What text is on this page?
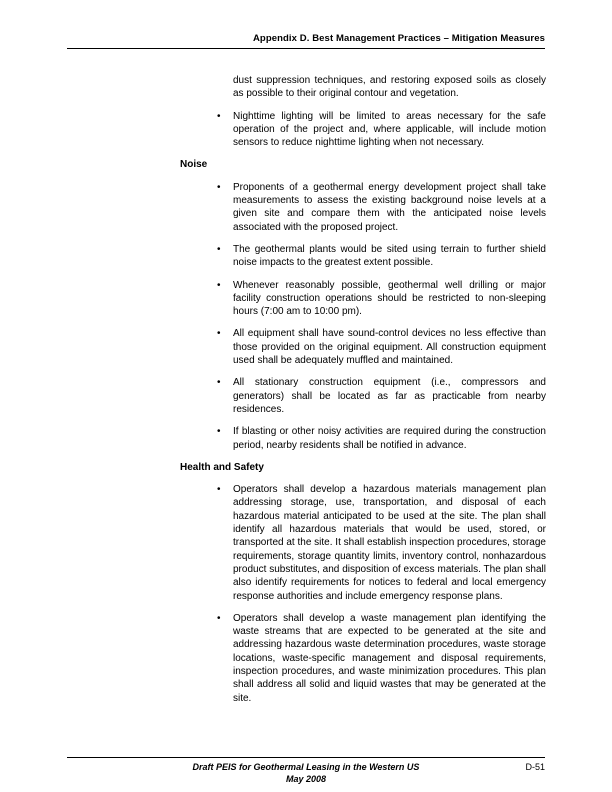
Appendix D. Best Management Practices – Mitigation Measures

dust suppression techniques, and restoring exposed soils as closely as possible to their original contour and vegetation.

•	Nighttime lighting will be limited to areas necessary for the safe operation of the project and, where applicable, will include motion sensors to reduce nighttime lighting when not necessary.
Noise
•	Proponents of a geothermal energy development project shall take measurements to assess the existing background noise levels at a given site and compare them with the anticipated noise levels associated with the proposed project.
•	The geothermal plants would be sited using terrain to further shield noise impacts to the greatest extent possible.
•	Whenever reasonably possible, geothermal well drilling or major facility construction operations should be restricted to non-sleeping hours (7:00 am to 10:00 pm).
•	All equipment shall have sound-control devices no less effective than those provided on the original equipment. All construction equipment used shall be adequately muffled and maintained.
•	All stationary construction equipment (i.e., compressors and generators) shall be located as far as practicable from nearby residences.
•	If blasting or other noisy activities are required during the construction period, nearby residents shall be notified in advance.
Health and Safety
•	Operators shall develop a hazardous materials management plan addressing storage, use, transportation, and disposal of each hazardous material anticipated to be used at the site. The plan shall identify all hazardous materials that would be used, stored, or transported at the site. It shall establish inspection procedures, storage requirements, storage quantity limits, inventory control, nonhazardous product substitutes, and disposition of excess materials. The plan shall also identify requirements for notices to federal and local emergency response authorities and include emergency response plans.
•	Operators shall develop a waste management plan identifying the waste streams that are expected to be generated at the site and addressing hazardous waste determination procedures, waste storage locations, waste-specific management and disposal requirements, inspection procedures, and waste minimization procedures. This plan shall address all solid and liquid wastes that may be generated at the site.
Draft PEIS for Geothermal Leasing in the Western US	D-51
May 2008
